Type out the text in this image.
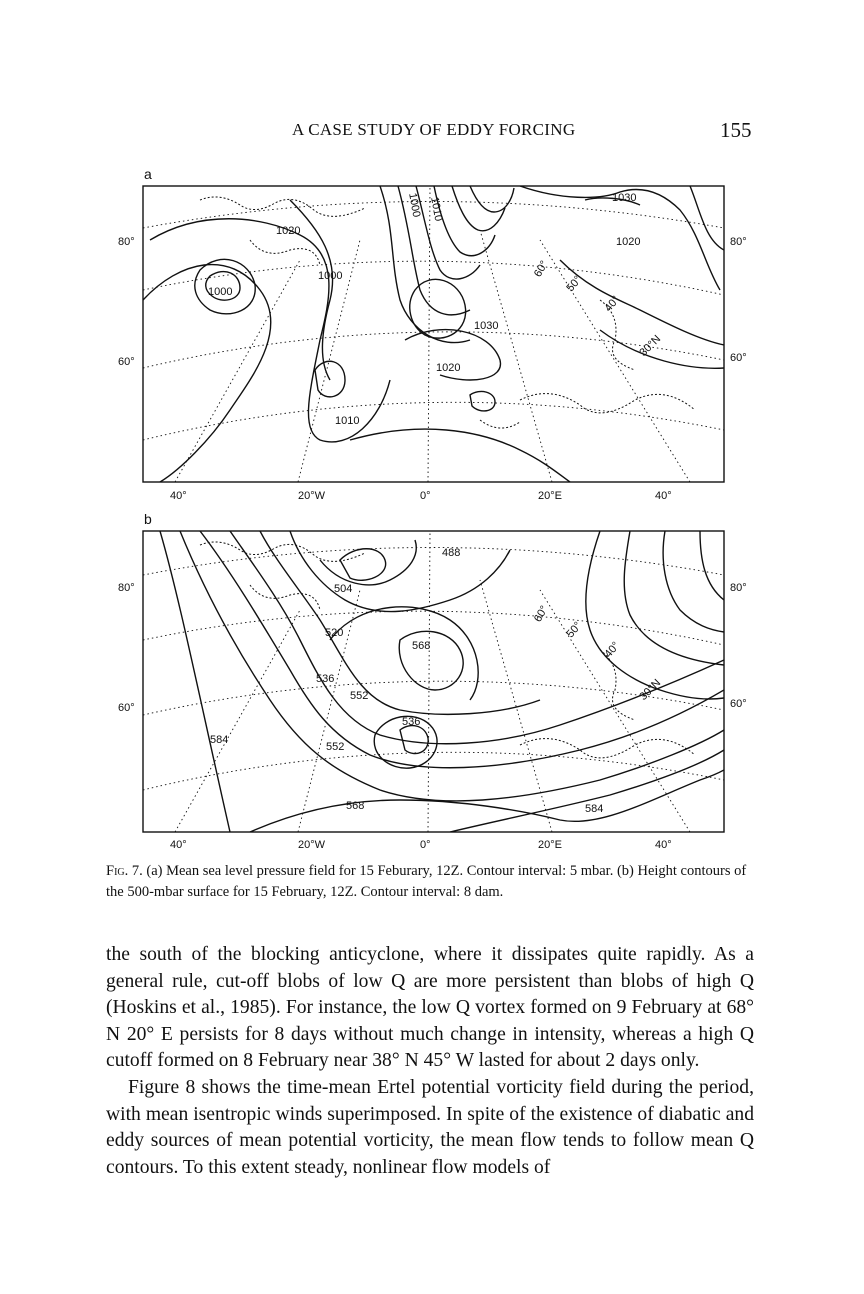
A CASE STUDY OF EDDY FORCING	155
a
b
1030
1020
1020
1000
1000
1000
1010
1010
1030
1020
60°
50°
40°
30°N
80°
60°
80°
60°
40°	20°W	0°	20°E	40°
488
504
520
568
536
552
536
584
552
568	584
60°
50°
40°
30°N
80°
60°
80°
60°
40°	20°W	0°	20°E	40°
Fig. 7. (a) Mean sea level pressure field for 15 Feburary, 12Z. Contour interval: 5 mbar. (b) Height contours of the 500-mbar surface for 15 February, 12Z. Contour interval: 8 dam.

the south of the blocking anticyclone, where it dissipates quite rapidly. As a general rule, cut-off blobs of low Q are more persistent than blobs of high Q (Hoskins et al., 1985). For instance, the low Q vortex formed on 9 February at 68° N 20° E persists for 8 days without much change in intensity, whereas a high Q cutoff formed on 8 February near 38° N 45° W lasted for about 2 days only.

Figure 8 shows the time-mean Ertel potential vorticity field during the period, with mean isentropic winds superimposed. In spite of the existence of diabatic and eddy sources of mean potential vorticity, the mean flow tends to follow mean Q contours. To this extent steady, nonlinear flow models of
